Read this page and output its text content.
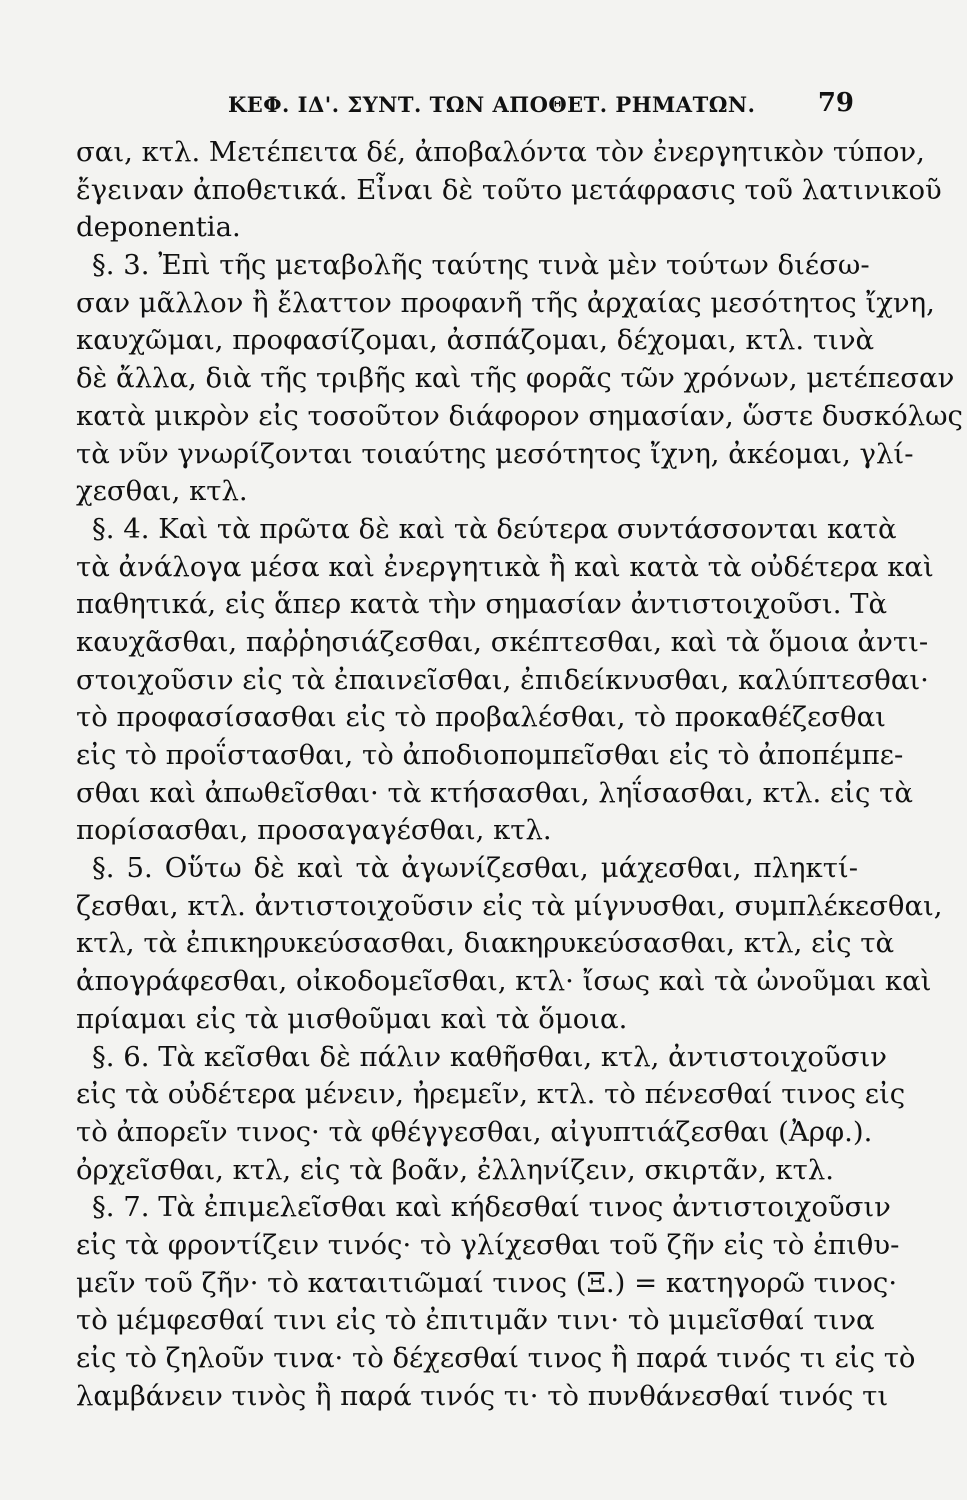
ΚΕΦ. ΙΔ'. ΣΥΝΤ. ΤΩΝ ΑΠΟΘΕΤ. ΡΗΜΑΤΩΝ. 79
σαι, κτλ. Μετέπειτα δέ, ἀποβαλόντα τὸν ἐνεργητικὸν τύπον,
ἔγειναν ἀποθετικά. Εἶναι δὲ τοῦτο μετάφρασις τοῦ λατινικοῦ
deponentia.
§. 3. Ἐπὶ τῆς μεταβολῆς ταύτης τινὰ μὲν τούτων διέσω-
σαν μᾶλλον ἢ ἔλαττον προφανῆ τῆς ἀρχαίας μεσότητος ἴχνη,
καυχῶμαι, προφασίζομαι, ἀσπάζομαι, δέχομαι, κτλ. τινὰ
δὲ ἄλλα, διὰ τῆς τριβῆς καὶ τῆς φορᾶς τῶν χρόνων, μετέπεσαν
κατὰ μικρὸν εἰς τοσοῦτον διάφορον σημασίαν, ὥστε δυσκόλως
τὰ νῦν γνωρίζονται τοιαύτης μεσότητος ἴχνη, ἀκέομαι, γλί-
χεσθαι, κτλ.
§. 4. Καὶ τὰ πρῶτα δὲ καὶ τὰ δεύτερα συντάσσονται κατὰ
τὰ ἀνάλογα μέσα καὶ ἐνεργητικὰ ἢ καὶ κατὰ τὰ οὐδέτερα καὶ
παθητικά, εἰς ἅπερ κατὰ τὴν σημασίαν ἀντιστοιχοῦσι. Τὰ
καυχᾶσθαι, παῤῥησιάζεσθαι, σκέπτεσθαι, καὶ τὰ ὅμοια ἀντι-
στοιχοῦσιν εἰς τὰ ἐπαινεῖσθαι, ἐπιδείκνυσθαι, καλύπτεσθαι·
τὸ προφασίσασθαι εἰς τὸ προβαλέσθαι, τὸ προκαθέζεσθαι
εἰς τὸ προΐστασθαι, τὸ ἀποδιοπομπεῖσθαι εἰς τὸ ἀποπέμπε-
σθαι καὶ ἀπωθεῖσθαι· τὰ κτήσασθαι, ληΐσασθαι, κτλ. εἰς τὰ
πορίσασθαι, προσαγαγέσθαι, κτλ.
§. 5. Οὕτω δὲ καὶ τὰ ἀγωνίζεσθαι, μάχεσθαι, πληκτί-
ζεσθαι, κτλ. ἀντιστοιχοῦσιν εἰς τὰ μίγνυσθαι, συμπλέκεσθαι,
κτλ, τὰ ἐπικηρυκεύσασθαι, διακηρυκεύσασθαι, κτλ, εἰς τὰ
ἀπογράφεσθαι, οἰκοδομεῖσθαι, κτλ· ἴσως καὶ τὰ ὠνοῦμαι καὶ
πρίαμαι εἰς τὰ μισθοῦμαι καὶ τὰ ὅμοια.
§. 6. Τὰ κεῖσθαι δὲ πάλιν καθῆσθαι, κτλ, ἀντιστοιχοῦσιν
εἰς τὰ οὐδέτερα μένειν, ἠρεμεῖν, κτλ. τὸ πένεσθαί τινος εἰς
τὸ ἀπορεῖν τινος· τὰ φθέγγεσθαι, αἰγυπτιάζεσθαι (Ἀρφ.).
ὀρχεῖσθαι, κτλ, εἰς τὰ βοᾶν, ἐλληνίζειν, σκιρτᾶν, κτλ.
§. 7. Τὰ ἐπιμελεῖσθαι καὶ κήδεσθαί τινος ἀντιστοιχοῦσιν
εἰς τὰ φροντίζειν τινός· τὸ γλίχεσθαι τοῦ ζῆν εἰς τὸ ἐπιθυ-
μεῖν τοῦ ζῆν· τὸ καταιτιῶμαί τινος (Ξ.) = κατηγορῶ τινος·
τὸ μέμφεσθαί τινι εἰς τὸ ἐπιτιμᾶν τινι· τὸ μιμεῖσθαί τινα
εἰς τὸ ζηλοῦν τινα· τὸ δέχεσθαί τινος ἢ παρά τινός τι εἰς τὸ
λαμβάνειν τινὸς ἢ παρά τινός τι· τὸ πυνθάνεσθαί τινός τι
